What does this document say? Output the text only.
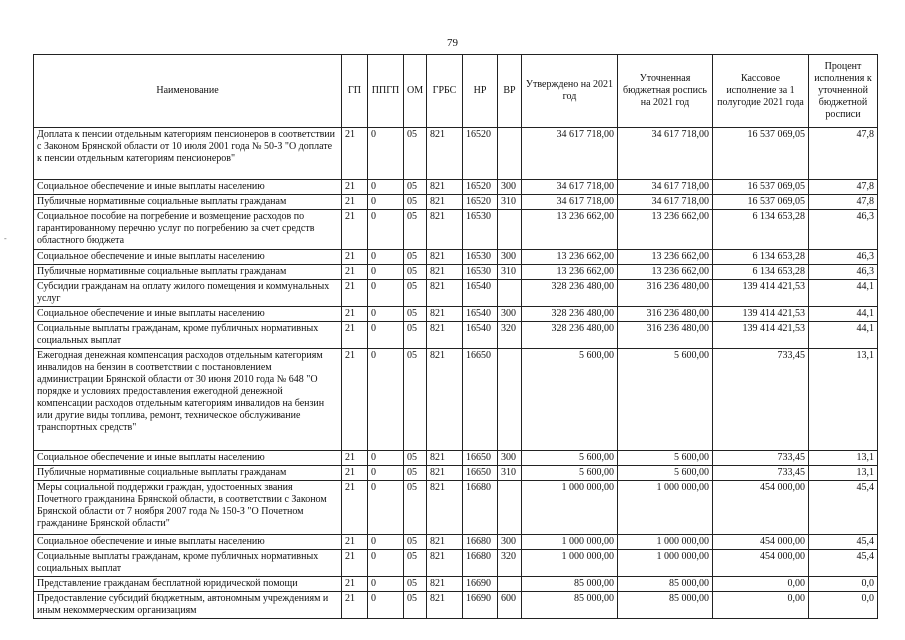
79
-
Наименование	ГП	ППГП	ОМ	ГРБС	НР	ВР	Утверждено на 2021 год	Уточненная бюджетная роспись на 2021 год	Кассовое исполнение за 1 полугодие 2021 года	Процент исполнения к уточненной бюджетной росписи
Доплата к пенсии отдельным категориям пенсионеров в соответствии с Законом Брянской области от 10 июля 2001 года № 50-З "О доплате к пенсии отдельным категориям пенсионеров"	21	0	05	821	16520		34 617 718,00	34 617 718,00	16 537 069,05	47,8
Социальное обеспечение и иные выплаты населению	21	0	05	821	16520	300	34 617 718,00	34 617 718,00	16 537 069,05	47,8
Публичные нормативные социальные выплаты гражданам	21	0	05	821	16520	310	34 617 718,00	34 617 718,00	16 537 069,05	47,8
Социальное пособие на погребение и возмещение расходов по гарантированному перечню услуг по погребению за счет средств областного бюджета	21	0	05	821	16530		13 236 662,00	13 236 662,00	6 134 653,28	46,3
Социальное обеспечение и иные выплаты населению	21	0	05	821	16530	300	13 236 662,00	13 236 662,00	6 134 653,28	46,3
Публичные нормативные социальные выплаты гражданам	21	0	05	821	16530	310	13 236 662,00	13 236 662,00	6 134 653,28	46,3
Субсидии гражданам на оплату жилого помещения и коммунальных услуг	21	0	05	821	16540		328 236 480,00	316 236 480,00	139 414 421,53	44,1
Социальное обеспечение и иные выплаты населению	21	0	05	821	16540	300	328 236 480,00	316 236 480,00	139 414 421,53	44,1
Социальные выплаты гражданам, кроме публичных нормативных социальных выплат	21	0	05	821	16540	320	328 236 480,00	316 236 480,00	139 414 421,53	44,1
Ежегодная денежная компенсация расходов отдельным категориям инвалидов на бензин в соответствии с постановлением администрации Брянской области от 30 июня 2010 года № 648 "О порядке и условиях предоставления ежегодной денежной компенсации расходов отдельным категориям инвалидов на бензин или другие виды топлива, ремонт, техническое обслуживание транспортных средств"	21	0	05	821	16650		5 600,00	5 600,00	733,45	13,1
Социальное обеспечение и иные выплаты населению	21	0	05	821	16650	300	5 600,00	5 600,00	733,45	13,1
Публичные нормативные социальные выплаты гражданам	21	0	05	821	16650	310	5 600,00	5 600,00	733,45	13,1
Меры социальной поддержки граждан, удостоенных звания Почетного гражданина Брянской области, в соответствии с Законом Брянской области от 7 ноября 2007 года № 150-З "О Почетном гражданине Брянской области"	21	0	05	821	16680		1 000 000,00	1 000 000,00	454 000,00	45,4
Социальное обеспечение и иные выплаты населению	21	0	05	821	16680	300	1 000 000,00	1 000 000,00	454 000,00	45,4
Социальные выплаты гражданам, кроме публичных нормативных социальных выплат	21	0	05	821	16680	320	1 000 000,00	1 000 000,00	454 000,00	45,4
Представление гражданам бесплатной юридической помощи	21	0	05	821	16690		85 000,00	85 000,00	0,00	0,0
Предоставление субсидий бюджетным, автономным учреждениям и иным некоммерческим организациям	21	0	05	821	16690	600	85 000,00	85 000,00	0,00	0,0
